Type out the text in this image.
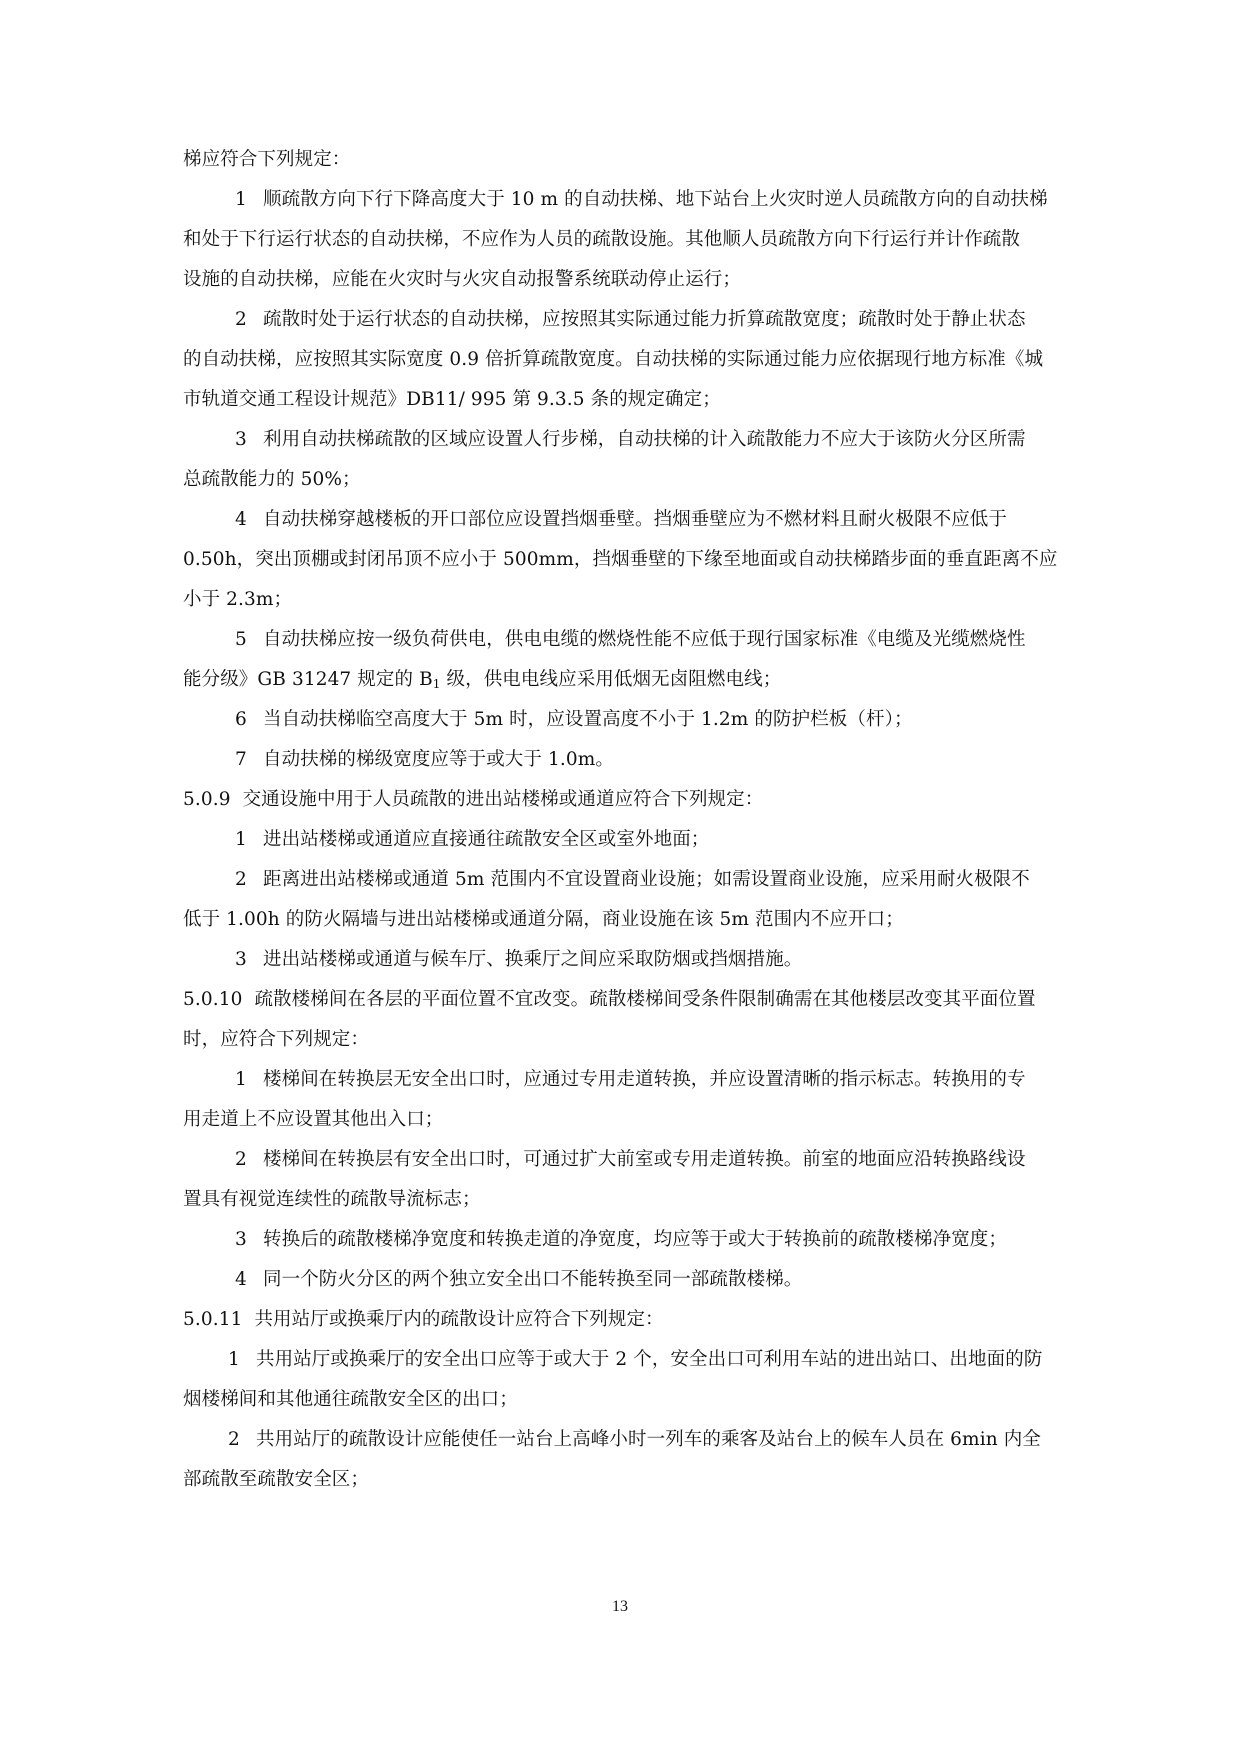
梯应符合下列规定：
1 顺疏散方向下行下降高度大于 10 m 的自动扶梯、地下站台上火灾时逆人员疏散方向的自动扶梯
和处于下行运行状态的自动扶梯，不应作为人员的疏散设施。其他顺人员疏散方向下行运行并计作疏散
设施的自动扶梯，应能在火灾时与火灾自动报警系统联动停止运行；
2 疏散时处于运行状态的自动扶梯，应按照其实际通过能力折算疏散宽度；疏散时处于静止状态
的自动扶梯，应按照其实际宽度 0.9 倍折算疏散宽度。自动扶梯的实际通过能力应依据现行地方标准《城
市轨道交通工程设计规范》DB11/ 995 第 9.3.5 条的规定确定；
3 利用自动扶梯疏散的区域应设置人行步梯，自动扶梯的计入疏散能力不应大于该防火分区所需
总疏散能力的 50%；
4 自动扶梯穿越楼板的开口部位应设置挡烟垂壁。挡烟垂壁应为不燃材料且耐火极限不应低于
0.50h，突出顶棚或封闭吊顶不应小于 500mm，挡烟垂壁的下缘至地面或自动扶梯踏步面的垂直距离不应
小于 2.3m；
5 自动扶梯应按一级负荷供电，供电电缆的燃烧性能不应低于现行国家标准《电缆及光缆燃烧性
能分级》GB 31247 规定的 $B_1$ 级，供电电线应采用低烟无卤阻燃电线；
6 当自动扶梯临空高度大于 5m 时，应设置高度不小于 1.2m 的防护栏板（杆）；
7 自动扶梯的梯级宽度应等于或大于 1.0m。
5.0.9 交通设施中用于人员疏散的进出站楼梯或通道应符合下列规定：
1 进出站楼梯或通道应直接通往疏散安全区或室外地面；
2 距离进出站楼梯或通道 5m 范围内不宜设置商业设施；如需设置商业设施，应采用耐火极限不
低于 1.00h 的防火隔墙与进出站楼梯或通道分隔，商业设施在该 5m 范围内不应开口；
3 进出站楼梯或通道与候车厅、换乘厅之间应采取防烟或挡烟措施。
5.0.10 疏散楼梯间在各层的平面位置不宜改变。疏散楼梯间受条件限制确需在其他楼层改变其平面位置
时，应符合下列规定：
1 楼梯间在转换层无安全出口时，应通过专用走道转换，并应设置清晰的指示标志。转换用的专
用走道上不应设置其他出入口；
2 楼梯间在转换层有安全出口时，可通过扩大前室或专用走道转换。前室的地面应沿转换路线设
置具有视觉连续性的疏散导流标志；
3 转换后的疏散楼梯净宽度和转换走道的净宽度，均应等于或大于转换前的疏散楼梯净宽度；
4 同一个防火分区的两个独立安全出口不能转换至同一部疏散楼梯。
5.0.11 共用站厅或换乘厅内的疏散设计应符合下列规定：
1 共用站厅或换乘厅的安全出口应等于或大于 2 个，安全出口可利用车站的进出站口、出地面的防
烟楼梯间和其他通往疏散安全区的出口；
2 共用站厅的疏散设计应能使任一站台上高峰小时一列车的乘客及站台上的候车人员在 6min 内全
部疏散至疏散安全区；
13
